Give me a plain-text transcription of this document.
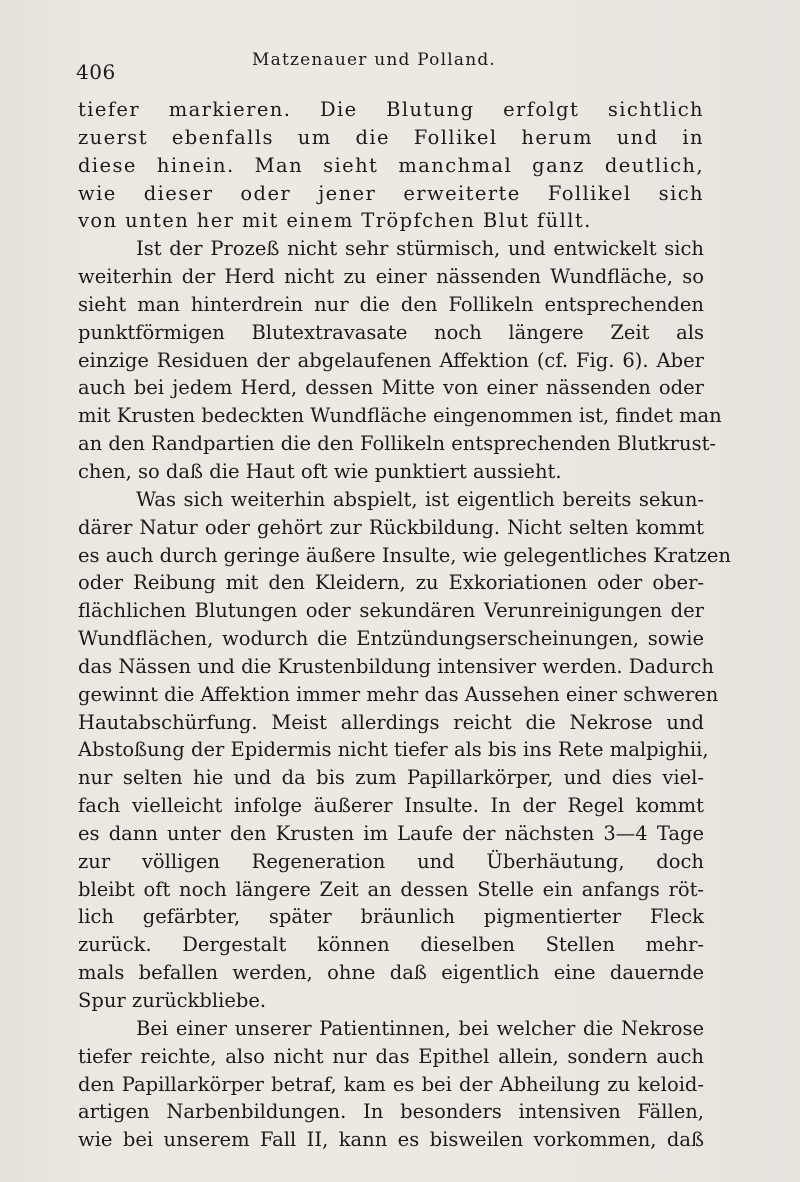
406	Matzenauer und Polland.
tiefer markieren. Die Blutung erfolgt sichtlich
zuerst ebenfalls um die Follikel herum und in
diese hinein. Man sieht manchmal ganz deutlich,
wie dieser oder jener erweiterte Follikel sich
von unten her mit einem Tröpfchen Blut füllt.
Ist der Prozeß nicht sehr stürmisch, und entwickelt sich
weiterhin der Herd nicht zu einer nässenden Wundfläche, so
sieht man hinterdrein nur die den Follikeln entsprechenden
punktförmigen Blutextravasate noch längere Zeit als
einzige Residuen der abgelaufenen Affektion (cf. Fig. 6). Aber
auch bei jedem Herd, dessen Mitte von einer nässenden oder
mit Krusten bedeckten Wundfläche eingenommen ist, findet man
an den Randpartien die den Follikeln entsprechenden Blutkrust-
chen, so daß die Haut oft wie punktiert aussieht.
Was sich weiterhin abspielt, ist eigentlich bereits sekun-
därer Natur oder gehört zur Rückbildung. Nicht selten kommt
es auch durch geringe äußere Insulte, wie gelegentliches Kratzen
oder Reibung mit den Kleidern, zu Exkoriationen oder ober-
flächlichen Blutungen oder sekundären Verunreinigungen der
Wundflächen, wodurch die Entzündungserscheinungen, sowie
das Nässen und die Krustenbildung intensiver werden. Dadurch
gewinnt die Affektion immer mehr das Aussehen einer schweren
Hautabschürfung. Meist allerdings reicht die Nekrose und
Abstoßung der Epidermis nicht tiefer als bis ins Rete malpighii,
nur selten hie und da bis zum Papillarkörper, und dies viel-
fach vielleicht infolge äußerer Insulte. In der Regel kommt
es dann unter den Krusten im Laufe der nächsten 3—4 Tage
zur völligen Regeneration und Überhäutung, doch
bleibt oft noch längere Zeit an dessen Stelle ein anfangs röt-
lich gefärbter, später bräunlich pigmentierter Fleck
zurück. Dergestalt können dieselben Stellen mehr-
mals befallen werden, ohne daß eigentlich eine dauernde
Spur zurückbliebe.
Bei einer unserer Patientinnen, bei welcher die Nekrose
tiefer reichte, also nicht nur das Epithel allein, sondern auch
den Papillarkörper betraf, kam es bei der Abheilung zu keloid-
artigen Narbenbildungen. In besonders intensiven Fällen,
wie bei unserem Fall II, kann es bisweilen vorkommen, daß
